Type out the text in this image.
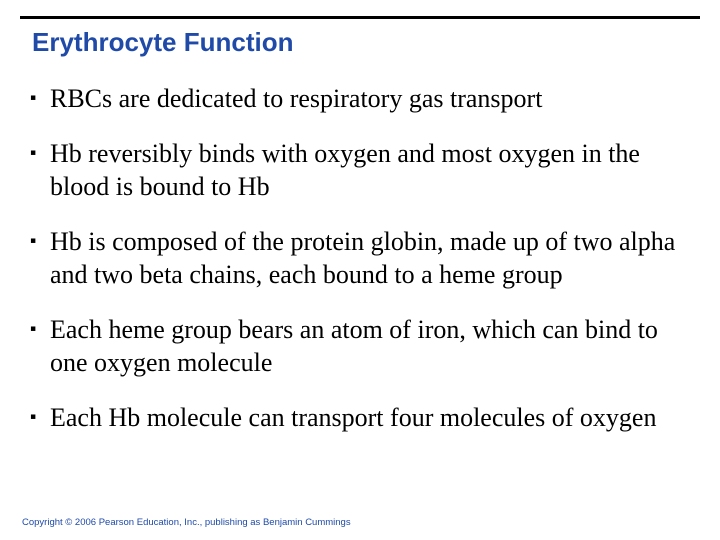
Erythrocyte Function
▪ RBCs are dedicated to respiratory gas transport
▪ Hb reversibly binds with oxygen and most oxygen in the blood is bound to Hb
▪ Hb is composed of the protein globin, made up of two alpha and two beta chains, each bound to a heme group
▪ Each heme group bears an atom of iron, which can bind to one oxygen molecule
▪ Each Hb molecule can transport four molecules of oxygen

Copyright © 2006 Pearson Education, Inc., publishing as Benjamin Cummings
